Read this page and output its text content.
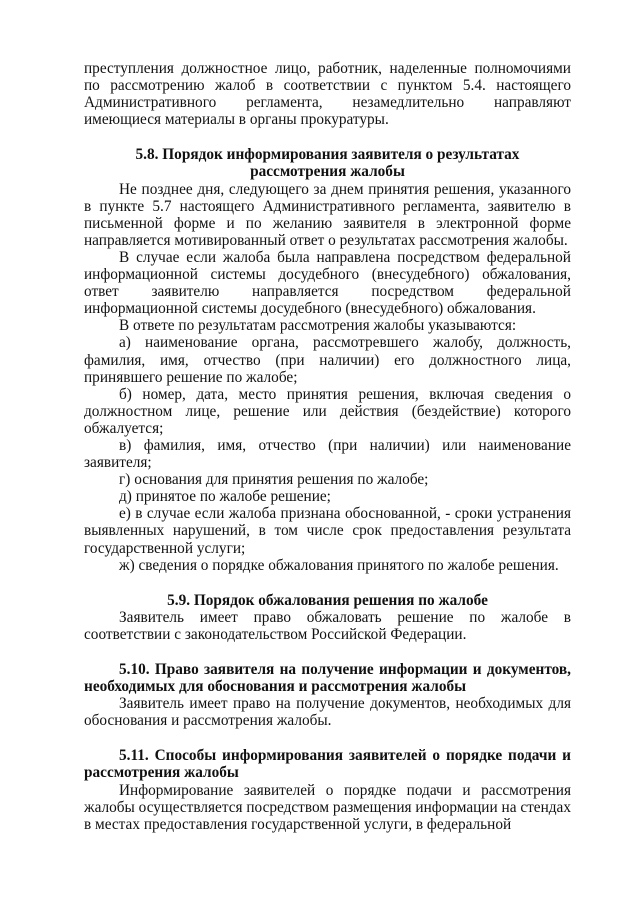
преступления должностное лицо, работник, наделенные полномочиями по рассмотрению жалоб в соответствии с пунктом 5.4. настоящего Административного регламента, незамедлительно направляют имеющиеся материалы в органы прокуратуры.

5.8. Порядок информирования заявителя о результатах
рассмотрения жалобы

Не позднее дня, следующего за днем принятия решения, указанного в пункте 5.7 настоящего Административного регламента, заявителю в письменной форме и по желанию заявителя в электронной форме направляется мотивированный ответ о результатах рассмотрения жалобы.

В случае если жалоба была направлена посредством федеральной информационной системы досудебного (внесудебного) обжалования, ответ заявителю направляется посредством федеральной информационной системы досудебного (внесудебного) обжалования.

В ответе по результатам рассмотрения жалобы указываются:

а) наименование органа, рассмотревшего жалобу, должность, фамилия, имя, отчество (при наличии) его должностного лица, принявшего решение по жалобе;

б) номер, дата, место принятия решения, включая сведения о должностном лице, решение или действия (бездействие) которого обжалуется;

в) фамилия, имя, отчество (при наличии) или наименование заявителя;

г) основания для принятия решения по жалобе;

д) принятое по жалобе решение;

е) в случае если жалоба признана обоснованной, - сроки устранения выявленных нарушений, в том числе срок предоставления результата государственной услуги;

ж) сведения о порядке обжалования принятого по жалобе решения.

5.9. Порядок обжалования решения по жалобе

Заявитель имеет право обжаловать решение по жалобе в соответствии с законодательством Российской Федерации.

5.10. Право заявителя на получение информации и документов, необходимых для обоснования и рассмотрения жалобы

Заявитель имеет право на получение документов, необходимых для обоснования и рассмотрения жалобы.

5.11. Способы информирования заявителей о порядке подачи и рассмотрения жалобы

Информирование заявителей о порядке подачи и рассмотрения жалобы осуществляется посредством размещения информации на стендах в местах предоставления государственной услуги, в федеральной
